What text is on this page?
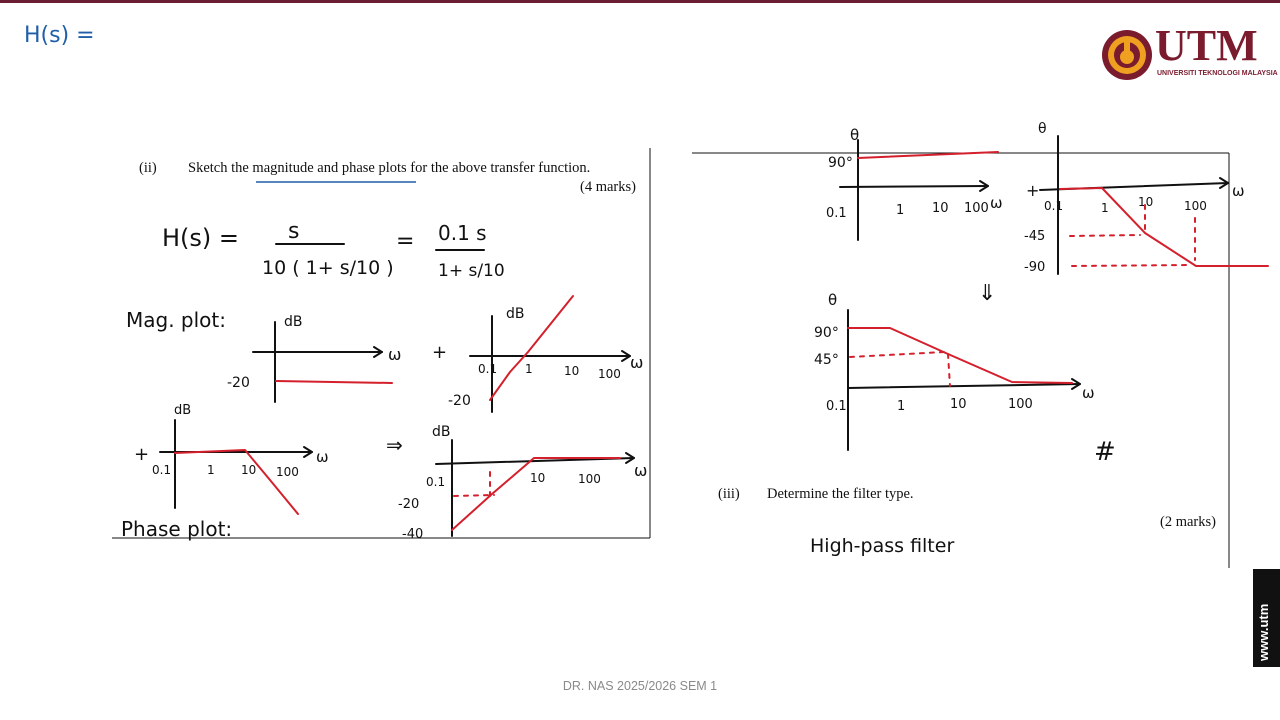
H(s) =	UTM
UNIVERSITI TEKNOLOGI MALAYSIA
(ii) Sketch the magnitude and phase plots for the above transfer function.
(4 marks)
(iii) Determine the filter type.
(2 marks)
H(s) = s
10 ( 1+ s/10 )
= 0.1 s
1+ s/10
Mag. plot:	dB
ω
-20
+
dB
ω
0.1 1	10 100
-20
dB
+	ω
0.1	1 10 100
⇒
dB
ω
0.1	10	100
-20
-40
Phase plot:
θ
ω
90°
0.1	1 10 100
+
θ
ω
0.1	1 10	100
-45
-90
⇓
θ
ω
90°
45°
0.1	1	10	100
#
High-pass filter
DR. NAS 2025/2026 SEM 1
www.utm
